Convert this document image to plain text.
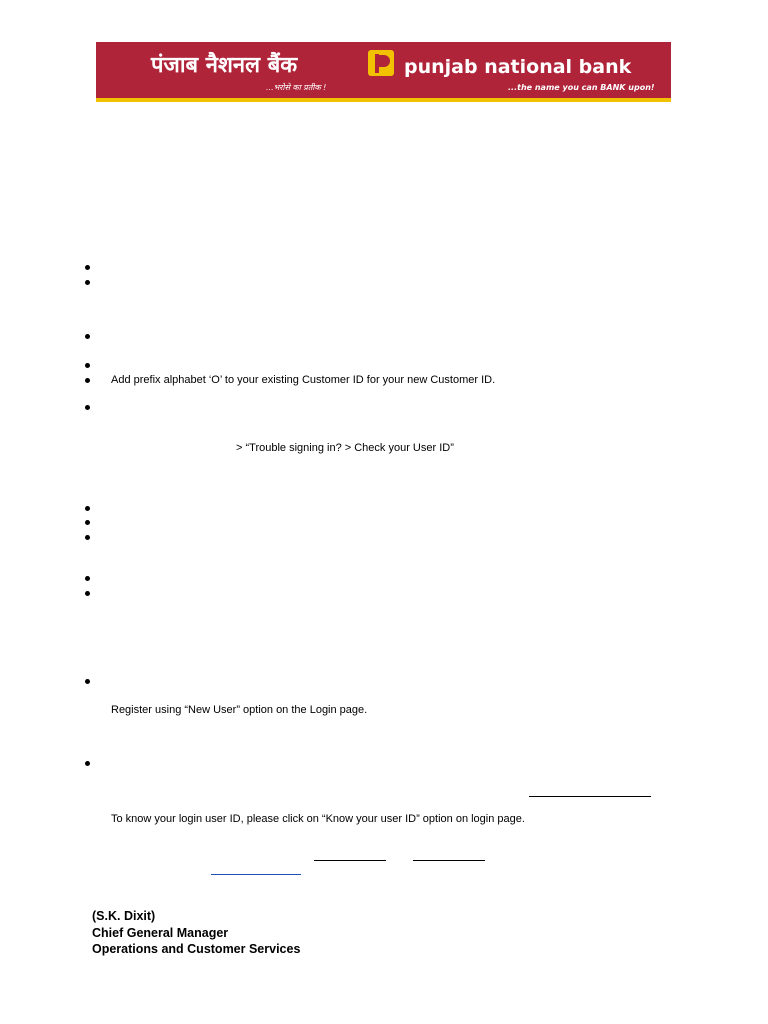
पंजाब नैशनल बैंक
...भरोसे का प्रतीक !
punjab national bank
...the name you can BANK upon!
Add prefix alphabet ‘O’ to your existing Customer ID for your new Customer ID.
> “Trouble signing in? > Check your User ID”
Register using “New User” option on the Login page.
To know your login user ID, please click on “Know your user ID” option on login page.
(S.K. Dixit)
Chief General Manager
Operations and Customer Services
